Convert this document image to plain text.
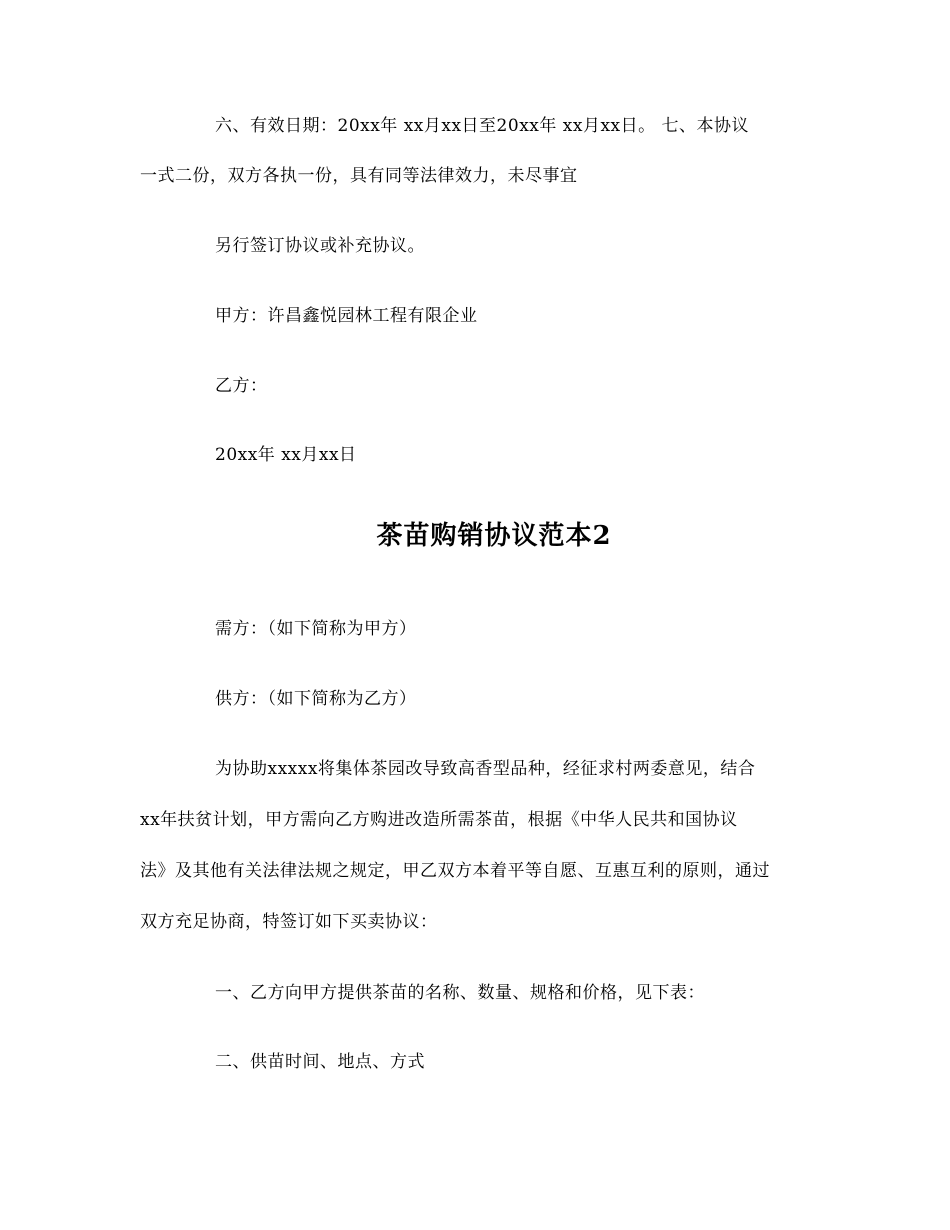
六、有效日期：20xx年 xx月xx日至20xx年 xx月xx日。 七、本协议
一式二份，双方各执一份，具有同等法律效力，未尽事宜
另行签订协议或补充协议。
甲方：许昌鑫悦园林工程有限企业
乙方：
20xx年 xx月xx日
茶苗购销协议范本2
需方：（如下简称为甲方）
供方：（如下简称为乙方）
为协助xxxxx将集体茶园改导致高香型品种，经征求村两委意见，结合
xx年扶贫计划，甲方需向乙方购进改造所需茶苗，根据《中华人民共和国协议
法》及其他有关法律法规之规定，甲乙双方本着平等自愿、互惠互利的原则，通过
双方充足协商，特签订如下买卖协议：
一、乙方向甲方提供茶苗的名称、数量、规格和价格，见下表：
二、供苗时间、地点、方式
